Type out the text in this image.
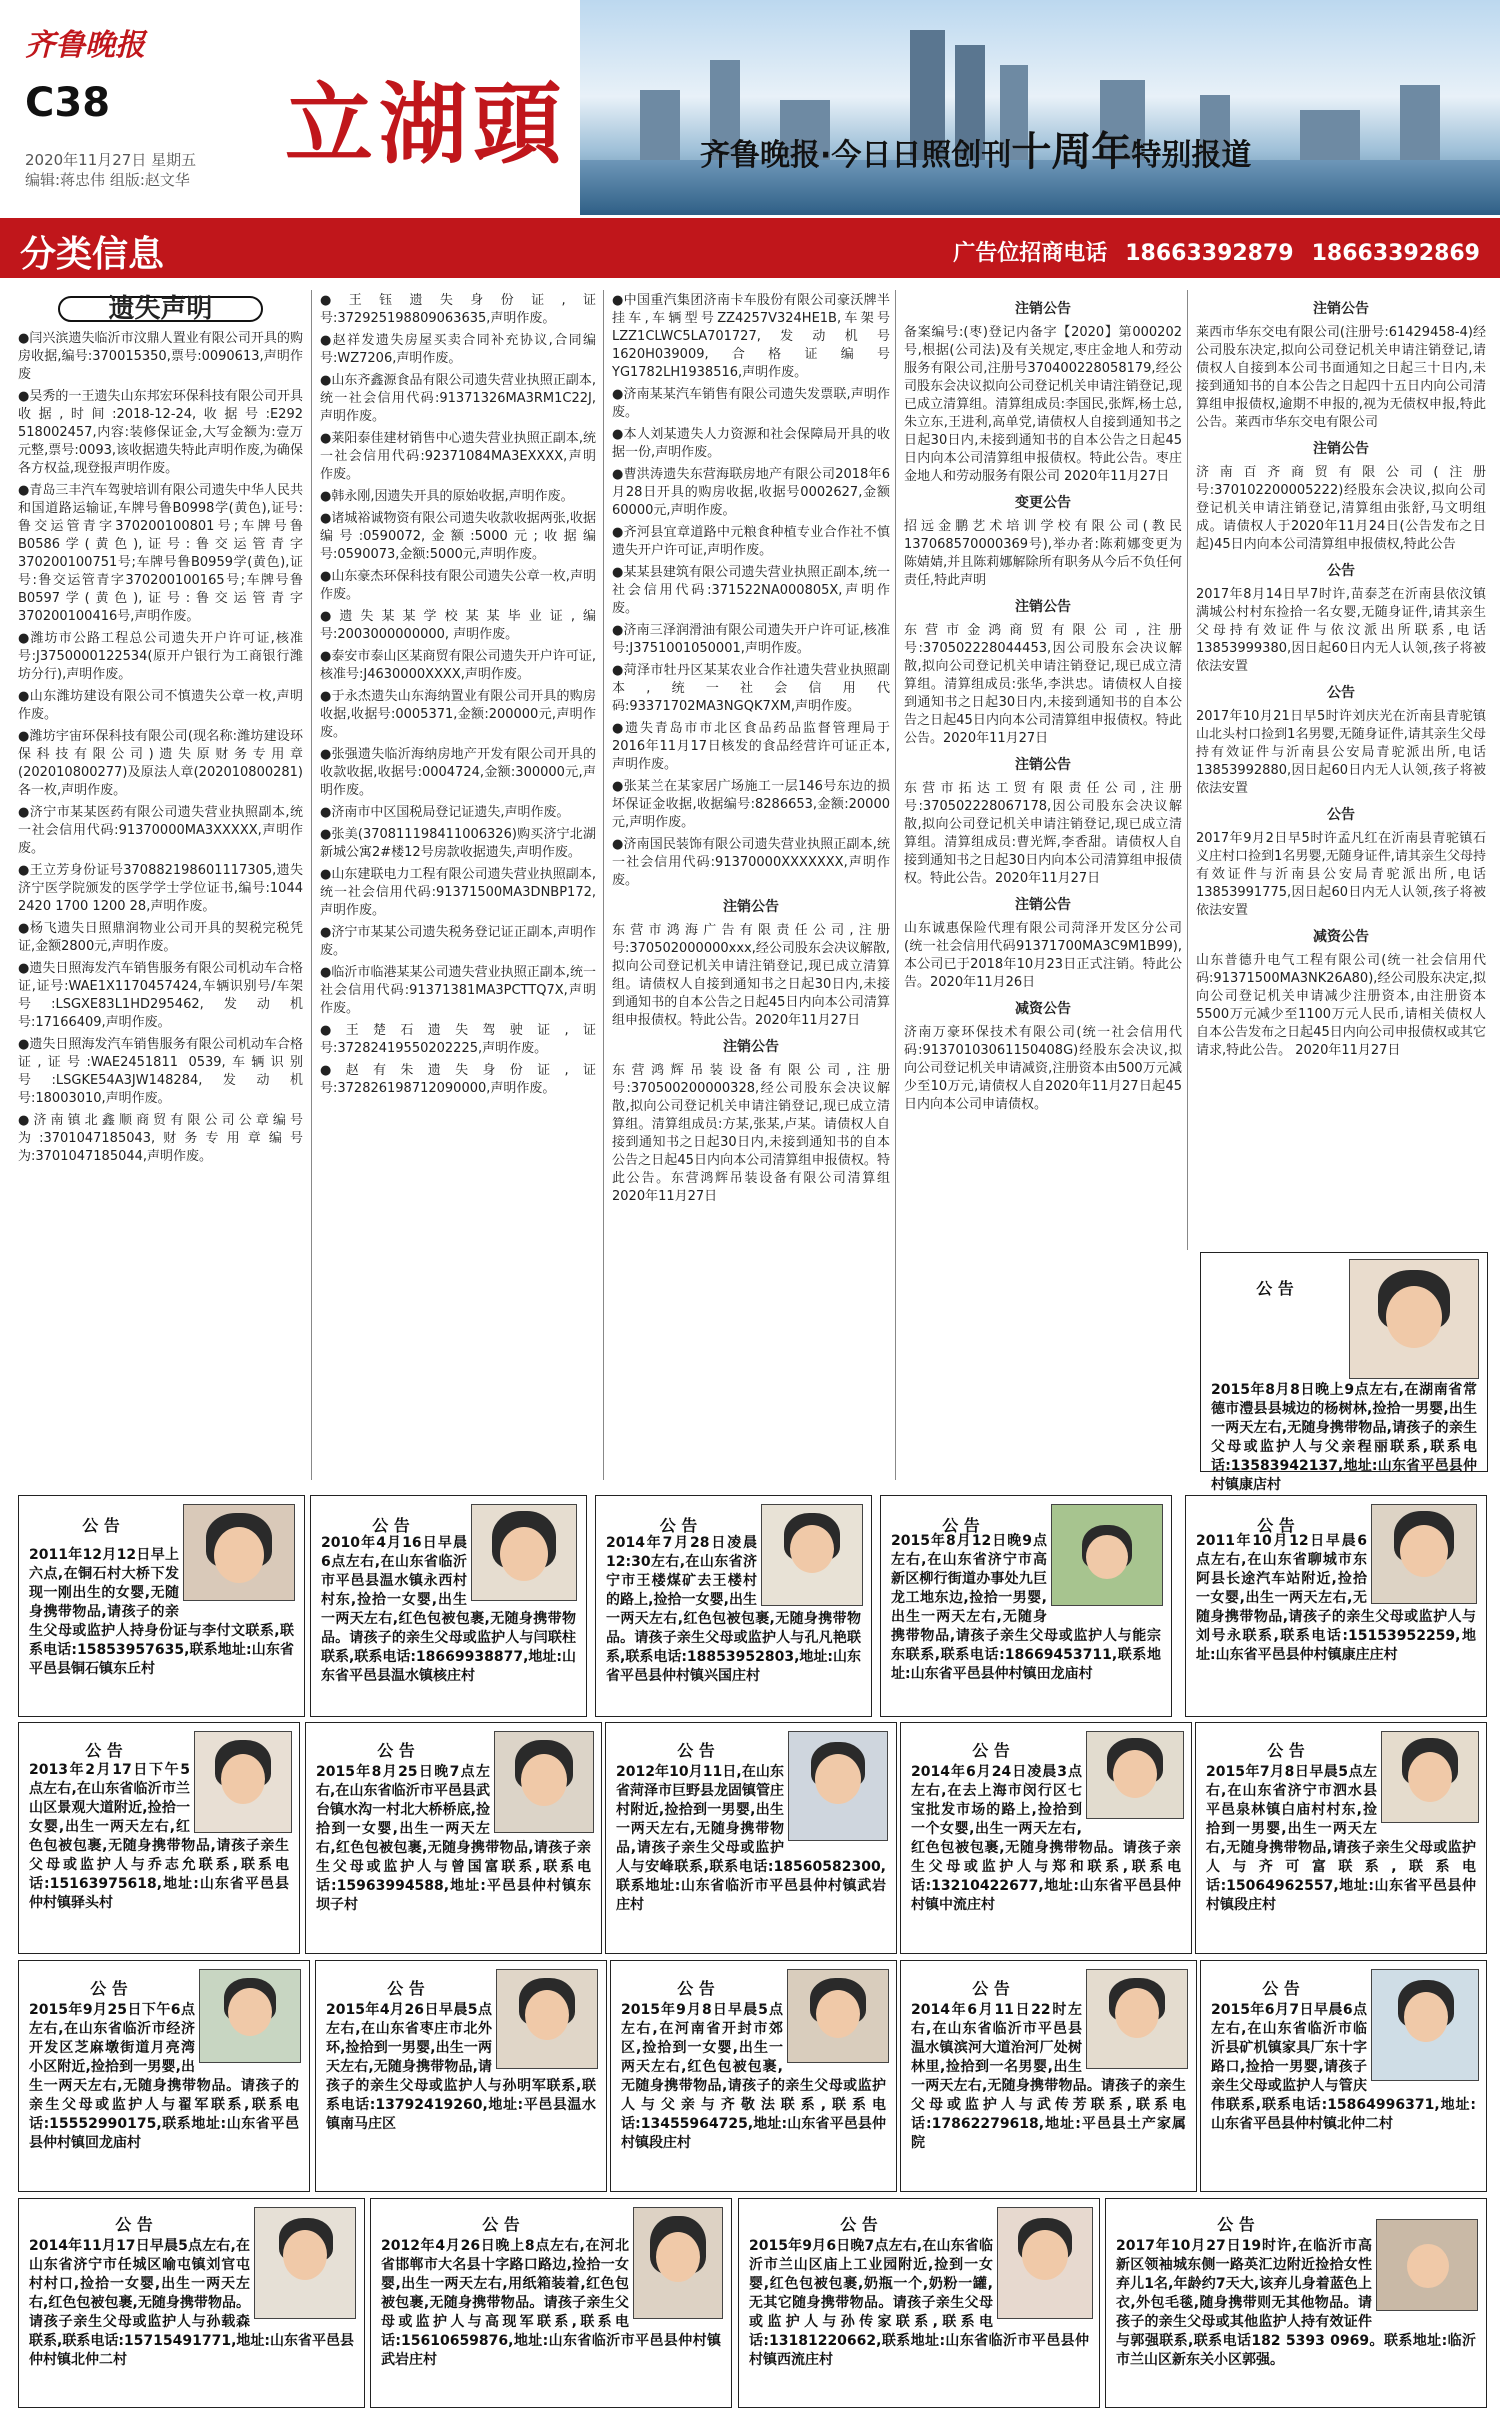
齐鲁晚报
C38
2020年11月27日 星期五
编辑:蒋忠伟 组版:赵文华
立湖頭	齐鲁晚报·今日日照创刊十周年特别报道
分类信息	广告位招商电话 18663392879 18663392869
遗失声明

●闫兴滨遗失临沂市汶鼎人置业有限公司开具的购房收据,编号:370015350,票号:0090613,声明作废

●吴秀的一王遗失山东邦宏环保科技有限公司开具收据,时间:2018-12-24,收据号:E292 518002457,内容:装修保证金,大写金额为:壹万元整,票号:0093,该收据遗失特此声明作废,为确保各方权益,现登报声明作废。

●青岛三丰汽车驾驶培训有限公司遗失中华人民共和国道路运输证,车牌号鲁B0998学(黄色),证号:鲁交运管青字370200100801号;车牌号鲁B0586学(黄色),证号:鲁交运管青字370200100751号;车牌号鲁B0959学(黄色),证号:鲁交运管青字370200100165号;车牌号鲁B0597学(黄色),证号:鲁交运管青字370200100416号,声明作废。

●潍坊市公路工程总公司遗失开户许可证,核准号:J3750000122534(原开户银行为工商银行潍坊分行),声明作废。

●山东潍坊建设有限公司不慎遗失公章一枚,声明作废。

●潍坊宇宙环保科技有限公司(现名称:潍坊建设环保科技有限公司)遗失原财务专用章(202010800277)及原法人章(202010800281)各一枚,声明作废。

●济宁市某某医药有限公司遗失营业执照副本,统一社会信用代码:91370000MA3XXXXX,声明作废。

●王立芳身份证号370882198601117305,遗失济宁医学院颁发的医学学士学位证书,编号:1044 2420 1700 1200 28,声明作废。

●杨飞遗失日照鼎润物业公司开具的契税完税凭证,金额2800元,声明作废。

●遗失日照海发汽车销售服务有限公司机动车合格证,证号:WAE1X1170457424,车辆识别号/车架号:LSGXE83L1HD295462,发动机号:17166409,声明作废。

●遗失日照海发汽车销售服务有限公司机动车合格证,证号:WAE2451811 0539,车辆识别号:LSGKE54A3JW148284,发动机号:18003010,声明作废。

●济南镇北鑫顺商贸有限公司公章编号为:3701047185043,财务专用章编号为:3701047185044,声明作废。

●王钰遗失身份证,证号:372925198809063635,声明作废。

●赵祥发遗失房屋买卖合同补充协议,合同编号:WZ7206,声明作废。

●山东齐鑫源食品有限公司遗失营业执照正副本,统一社会信用代码:91371326MA3RM1C22J,声明作废。

●莱阳泰佳建材销售中心遗失营业执照正副本,统一社会信用代码:92371084MA3EXXXX,声明作废。

●韩永刚,因遗失开具的原始收据,声明作废。

●诸城裕诚物资有限公司遗失收款收据两张,收据编号:0590072,金额:5000元;收据编号:0590073,金额:5000元,声明作废。

●山东豪杰环保科技有限公司遗失公章一枚,声明作废。

●遗失某某学校某某毕业证,编号:2003000000000, 声明作废。

●泰安市泰山区某商贸有限公司遗失开户许可证,核准号:J4630000XXXX,声明作废。

●于永杰遗失山东海纳置业有限公司开具的购房收据,收据号:0005371,金额:200000元,声明作废。

●张强遗失临沂海纳房地产开发有限公司开具的收款收据,收据号:0004724,金额:300000元,声明作废。

●济南市中区国税局登记证遗失,声明作废。

●张美(370811198411006326)购买济宁北湖新城公寓2#楼12号房款收据遗失,声明作废。

●山东建联电力工程有限公司遗失营业执照副本,统一社会信用代码:91371500MA3DNBP172,声明作废。

●济宁市某某公司遗失税务登记证正副本,声明作废。

●临沂市临港某某公司遗失营业执照正副本,统一社会信用代码:91371381MA3PCTTQ7X,声明作废。

●王楚石遗失驾驶证,证号:37282419550202225,声明作废。

●赵有朱遗失身份证,证号:372826198712090000,声明作废。

●中国重汽集团济南卡车股份有限公司豪沃牌半挂车,车辆型号ZZ4257V324HE1B,车架号LZZ1CLWC5LA701727,发动机号1620H039009,合格证编号YG1782LH1938516,声明作废。

●济南某某汽车销售有限公司遗失发票联,声明作废。

●本人刘某遗失人力资源和社会保障局开具的收据一份,声明作废。

●曹洪涛遗失东营海联房地产有限公司2018年6月28日开具的购房收据,收据号0002627,金额60000元,声明作废。

●齐河县宜章道路中元粮食种植专业合作社不慎遗失开户许可证,声明作废。

●某某县建筑有限公司遗失营业执照正副本,统一社会信用代码:371522NA000805X,声明作废。

●济南三泽润滑油有限公司遗失开户许可证,核准号:J3751001050001,声明作废。

●菏泽市牡丹区某某农业合作社遗失营业执照副本,统一社会信用代码:93371702MA3NGQK7XM,声明作废。

●遗失青岛市市北区食品药品监督管理局于2016年11月17日核发的食品经营许可证正本,声明作废。

●张某兰在某家居广场施工一层146号东边的损坏保证金收据,收据编号:8286653,金额:20000元,声明作废。

●济南国民装饰有限公司遗失营业执照正副本,统一社会信用代码:91370000XXXXXXX,声明作废。

注销公告

东营市鸿海广告有限责任公司,注册号:370502000000xxx,经公司股东会决议解散,拟向公司登记机关申请注销登记,现已成立清算组。请债权人自接到通知书之日起30日内,未接到通知书的自本公告之日起45日内向本公司清算组申报债权。特此公告。2020年11月27日

注销公告

东营鸿辉吊装设备有限公司,注册号:370500200000328,经公司股东会决议解散,拟向公司登记机关申请注销登记,现已成立清算组。清算组成员:方某,张某,卢某。请债权人自接到通知书之日起30日内,未接到通知书的自本公告之日起45日内向本公司清算组申报债权。特此公告。东营鸿辉吊装设备有限公司清算组 2020年11月27日

注销公告

备案编号:(枣)登记内备字【2020】第000202号,根据(公司法)及有关规定,枣庄金地人和劳动服务有限公司,注册号370400228058179,经公司股东会决议拟向公司登记机关申请注销登记,现已成立清算组。清算组成员:李国民,张辉,杨士总,朱立东,王进利,高单党,请债权人自接到通知书之日起30日内,未接到通知书的自本公告之日起45日内向本公司清算组申报债权。特此公告。枣庄金地人和劳动服务有限公司 2020年11月27日

变更公告

招远金鹏艺术培训学校有限公司(教民137068570000369号),举办者:陈莉娜变更为陈婧婧,并且陈莉娜解除所有职务从今后不负任何责任,特此声明

注销公告

东营市金鸿商贸有限公司,注册号:370502228044453,因公司股东会决议解散,拟向公司登记机关申请注销登记,现已成立清算组。清算组成员:张华,李洪忠。请债权人自接到通知书之日起30日内,未接到通知书的自本公告之日起45日内向本公司清算组申报债权。特此公告。2020年11月27日

注销公告

东营市拓达工贸有限责任公司,注册号:370502228067178,因公司股东会决议解散,拟向公司登记机关申请注销登记,现已成立清算组。清算组成员:曹光辉,李香甜。请债权人自接到通知书之日起30日内向本公司清算组申报债权。特此公告。2020年11月27日

注销公告

山东诚惠保险代理有限公司菏泽开发区分公司(统一社会信用代码91371700MA3C9M1B99),本公司已于2018年10月23日正式注销。特此公告。2020年11月26日

减资公告

济南万豪环保技术有限公司(统一社会信用代码:91370103061150408G)经股东会决议,拟向公司登记机关申请减资,注册资本由500万元减少至10万元,请债权人自2020年11月27日起45日内向本公司申请债权。

注销公告

莱西市华东交电有限公司(注册号:61429458-4)经公司股东决定,拟向公司登记机关申请注销登记,请债权人自接到本公司书面通知之日起三十日内,未接到通知书的自本公告之日起四十五日内向公司清算组申报债权,逾期不申报的,视为无债权申报,特此公告。莱西市华东交电有限公司

注销公告

济南百齐商贸有限公司(注册号:370102200005222)经股东会决议,拟向公司登记机关申请注销登记,清算组由张舒,马文明组成。请债权人于2020年11月24日(公告发布之日起)45日内向本公司清算组申报债权,特此公告

公告

2017年8月14日早7时许,苗泰芝在沂南县依汶镇满城公村村东捡拾一名女婴,无随身证件,请其亲生父母持有效证件与依汶派出所联系,电话13853999380,因日起60日内无人认领,孩子将被依法安置

公告

2017年10月21日早5时许刘庆光在沂南县青驼镇山北头村口捡到1名男婴,无随身证件,请其亲生父母持有效证件与沂南县公安局青驼派出所,电话13853992880,因日起60日内无人认领,孩子将被依法安置

公告

2017年9月2日早5时许孟凡红在沂南县青驼镇石义庄村口捡到1名男婴,无随身证件,请其亲生父母持有效证件与沂南县公安局青驼派出所,电话13853991775,因日起60日内无人认领,孩子将被依法安置

减资公告

山东普德升电气工程有限公司(统一社会信用代码:91371500MA3NK26A80),经公司股东决定,拟向公司登记机关申请减少注册资本,由注册资本5500万元减少至1100万元人民币,请相关债权人自本公告发布之日起45日内向公司申报债权或其它请求,特此公告。 2020年11月27日

2015年8月8日晚上9点左右,在湖南省常德市澧县县城边的杨树林,捡拾一男婴,出生一两天左右,无随身携带物品,请孩子的亲生父母或监护人与父亲程丽联系,联系电话:13583942137,地址:山东省平邑县仲村镇康店村
公 告
公 告
2011年12月12日早上六点,在铜石村大桥下发现一刚出生的女婴,无随身携带物品,请孩子的亲生父母或监护人持身份证与李付文联系,联系电话:15853957635,联系地址:山东省平邑县铜石镇东丘村
公 告
2010年4月16日早晨6点左右,在山东省临沂市平邑县温水镇永西村村东,捡拾一女婴,出生一两天左右,红色包被包裹,无随身携带物品。请孩子的亲生父母或监护人与闫联柱联系,联系电话:18669938877,地址:山东省平邑县温水镇核庄村
公 告
2014年7月28日凌晨12:30左右,在山东省济宁市王楼煤矿去王楼村的路上,捡拾一女婴,出生一两天左右,红色包被包裹,无随身携带物品。请孩子亲生父母或监护人与孔凡艳联系,联系电话:18853952803,地址:山东省平邑县仲村镇兴国庄村
公 告
2015年8月12日晚9点左右,在山东省济宁市高新区柳行街道办事处九巨龙工地东边,捡拾一男婴,出生一两天左右,无随身携带物品,请孩子亲生父母或监护人与能宗东联系,联系电话:18669453711,联系地址:山东省平邑县仲村镇田龙庙村
公 告
2011年10月12日早晨6点左右,在山东省聊城市东阿县长途汽车站附近,捡拾一女婴,出生一两天左右,无随身携带物品,请孩子的亲生父母或监护人与刘号永联系,联系电话:15153952259,地址:山东省平邑县仲村镇康庄庄村
公 告
2013年2月17日下午5点左右,在山东省临沂市兰山区景观大道附近,捡拾一女婴,出生一两天左右,红色包被包裹,无随身携带物品,请孩子亲生父母或监护人与乔志允联系,联系电话:15163975618,地址:山东省平邑县仲村镇驿头村
公 告
2015年8月25日晚7点左右,在山东省临沂市平邑县武台镇水沟一村北大桥桥底,捡拾到一女婴,出生一两天左右,红色包被包裹,无随身携带物品,请孩子亲生父母或监护人与曾国富联系,联系电话:15963994588,地址:平邑县仲村镇东坝子村
公 告
2012年10月11日,在山东省菏泽市巨野县龙固镇管庄村附近,捡拾到一男婴,出生一两天左右,无随身携带物品,请孩子亲生父母或监护人与安峰联系,联系电话:18560582300,联系地址:山东省临沂市平邑县仲村镇武岩庄村
公 告
2014年6月24日凌晨3点左右,在去上海市闵行区七宝批发市场的路上,捡拾到一个女婴,出生一两天左右,红色包被包裹,无随身携带物品。请孩子亲生父母或监护人与郑和联系,联系电话:13210422677,地址:山东省平邑县仲村镇中流庄村
公 告
2015年7月8日早晨5点左右,在山东省济宁市泗水县平邑泉林镇白庙村村东,捡拾到一男婴,出生一两天左右,无随身携带物品,请孩子亲生父母或监护人与齐可富联系,联系电话:15064962557,地址:山东省平邑县仲村镇段庄村
公 告
2015年9月25日下午6点左右,在山东省临沂市经济开发区芝麻墩街道月亮湾小区附近,捡拾到一男婴,出生一两天左右,无随身携带物品。请孩子的亲生父母或监护人与翟军联系,联系电话:15552990175,联系地址:山东省平邑县仲村镇回龙庙村
公 告
2015年4月26日早晨5点左右,在山东省枣庄市北外环,捡拾到一男婴,出生一两天左右,无随身携带物品,请孩子的亲生父母或监护人与孙明军联系,联系电话:13792419260,地址:平邑县温水镇南马庄区
公 告
2015年9月8日早晨5点左右,在河南省开封市郊区,捡拾到一女婴,出生一两天左右,红色包被包裹,无随身携带物品,请孩子的亲生父母或监护人与父亲与齐敬法联系,联系电话:13455964725,地址:山东省平邑县仲村镇段庄村
2014年6月11日22时左右,在山东省临沂市平邑县温水镇滨河大道治河厂处树林里,捡拾到一名男婴,出生一两天左右,无随身携带物品。请孩子的亲生父母或监护人与武传芳联系,联系电话:17862279618,地址:平邑县土产家属院
公 告	公 告
2015年6月7日早晨6点左右,在山东省临沂市临沂县矿机镇家具厂东十字路口,捡拾一男婴,请孩子亲生父母或监护人与管庆伟联系,联系电话:15864996371,地址:山东省平邑县仲村镇北仲二村
公 告
2014年11月17日早晨5点左右,在山东省济宁市任城区喻屯镇刘官屯村村口,捡拾一女婴,出生一两天左右,红色包被包裹,无随身携带物品。请孩子亲生父母或监护人与孙载森联系,联系电话:15715491771,地址:山东省平邑县仲村镇北仲二村
公 告
2012年4月26日晚上8点左右,在河北省邯郸市大名县十字路口路边,捡拾一女婴,出生一两天左右,用纸箱装着,红色包被包裹,无随身携带物品。请孩子亲生父母或监护人与高现军联系,联系电话:15610659876,地址:山东省临沂市平邑县仲村镇武岩庄村
公 告
2015年9月6日晚7点左右,在山东省临沂市兰山区庙上工业园附近,捡到一女婴,红色包被包裹,奶瓶一个,奶粉一罐,无其它随身携带物品。请孩子亲生父母或监护人与孙传家联系,联系电话:13181220662,联系地址:山东省临沂市平邑县仲村镇西流庄村
公 告
2017年10月27日19时许,在临沂市高新区领袖城东侧一路英汇边附近捡拾女性弃儿1名,年龄约7天大,该弃儿身着蓝色上衣,外包毛毯,随身携带则无其他物品。请孩子的亲生父母或其他监护人持有效证件与郭强联系,联系电话182 5393 0969。联系地址:临沂市兰山区新东关小区郭强。
